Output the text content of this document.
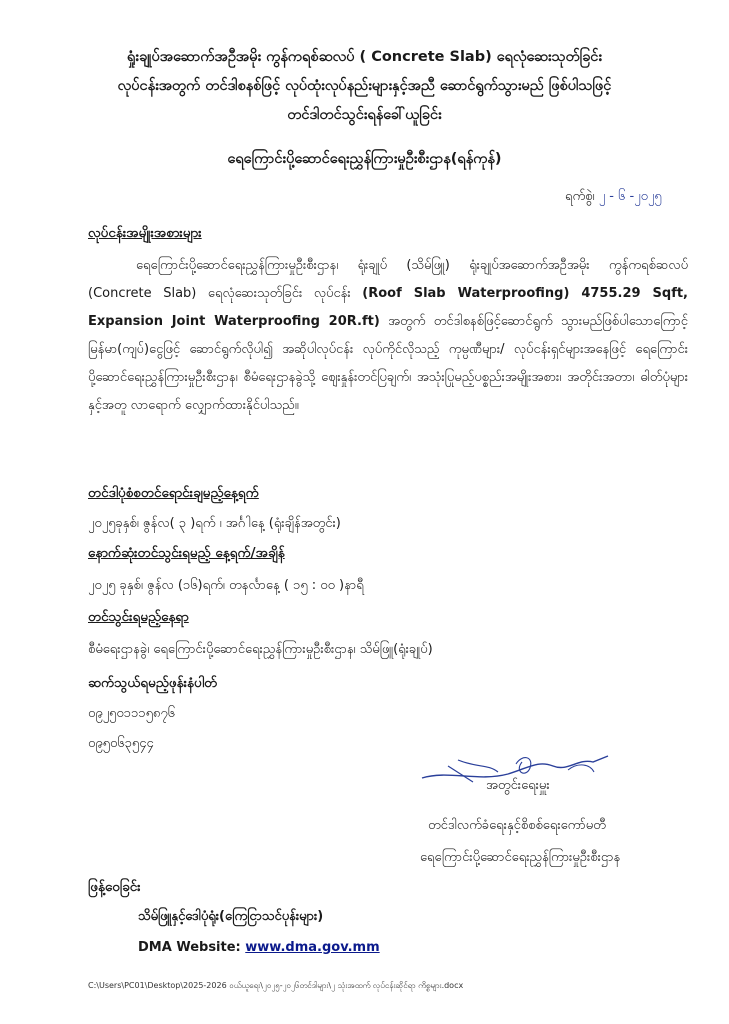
ရှုံးချုပ်အဆောက်အဦအမိုး ကွန်ကရစ်ဆလပ် ( Concrete Slab) ရေလုံဆေးသုတ်ခြင်း
လုပ်ငန်းအတွက် တင်ဒါစနစ်ဖြင့် လုပ်ထုံးလုပ်နည်းများနှင့်အညီ ဆောင်ရွက်သွားမည် ဖြစ်ပါသဖြင့်
တင်ဒါတင်သွင်းရန်ခေါ်ယူခြင်း
ရေကြောင်းပို့ဆောင်ရေးညွှန်ကြားမှုဦးစီးဌာန(ရန်ကုန်)
ရက်စွဲ၊ ၂ - ၆ -၂၀၂၅
လုပ်ငန်းအမျိုးအစားများ
ရေကြောင်းပို့ဆောင်ရေးညွှန်ကြားမှုဦးစီးဌာန၊ ရုံးချုပ် (သိမ်ဖြူ) ရုံးချုပ်အဆောက်အဦအမိုး ကွန်ကရစ်ဆလပ် (Concrete Slab) ရေလုံဆေးသုတ်ခြင်း လုပ်ငန်း (Roof Slab Waterproofing) 4755.29 Sqft, Expansion Joint Waterproofing 20R.ft) အတွက် တင်ဒါစနစ်ဖြင့်ဆောင်ရွက် သွားမည်ဖြစ်ပါသောကြောင့် မြန်မာ(ကျပ်)ငွေဖြင့် ဆောင်ရွက်လိုပါ၍ အဆိုပါလုပ်ငန်း လုပ်ကိုင်လိုသည့် ကုမ္ပဏီများ/ လုပ်ငန်းရှင်များအနေဖြင့် ရေကြောင်းပို့ဆောင်ရေးညွှန်ကြားမှုဦးစီးဌာန၊ စီမံရေးဌာနခွဲသို့ ဈေးနှုန်းတင်ပြချက်၊ အသုံးပြုမည့်ပစ္စည်းအမျိုးအစား၊ အတိုင်းအတာ၊ ဓါတ်ပုံများနှင့်အတူ လာရောက် လျှောက်ထားနိုင်ပါသည်။
တင်ဒါပုံစံစတင်ရောင်းချမည့်နေ့ရက်
၂၀၂၅ခုနှစ်၊ ဇွန်လ( ၃ )ရက် ၊ အင်္ဂါနေ့ (ရုံးချိန်အတွင်း)
နောက်ဆုံးတင်သွင်းရမည့် နေ့ရက်/အချိန်
၂၀၂၅ ခုနှစ်၊ ဇွန်လ (၁၆)ရက်၊ တနင်္လာနေ့ ( ၁၅ : ၀၀ )နာရီ
တင်သွင်းရမည့်နေရာ
စီမံရေးဌာနခွဲ၊ ရေကြောင်းပို့ဆောင်ရေးညွှန်ကြားမှုဦးစီးဌာန၊ သိမ်ဖြူ(ရုံးချုပ်)
ဆက်သွယ်ရမည့်ဖုန်းနံပါတ်
၀၉၂၅၀၁၁၁၅၈၇၆
၀၉၅၀၆၃၅၄၄
အတွင်းရေးမှူး
တင်ဒါလက်ခံရေးနှင့်စိစစ်ရေးကော်မတီ
ရေကြောင်းပို့ဆောင်ရေးညွှန်ကြားမှုဦးစီးဌာန
ဖြန့်ဝေခြင်း
သိမ်ဖြူနှင့်ဒေါပုံရုံး(ကြေငြာသင်ပုန်းများ)
DMA Website: www.dma.gov.mm
C:\Users\PC01\Desktop\2025-2026 ဝယ်ယူရေး\၂၀၂၅-၂၀၂၆တင်ဒါများ\၂ သုံးအထက် လုပ်ငန်းဆိုင်ရာ ကိစ္စများ.docx
